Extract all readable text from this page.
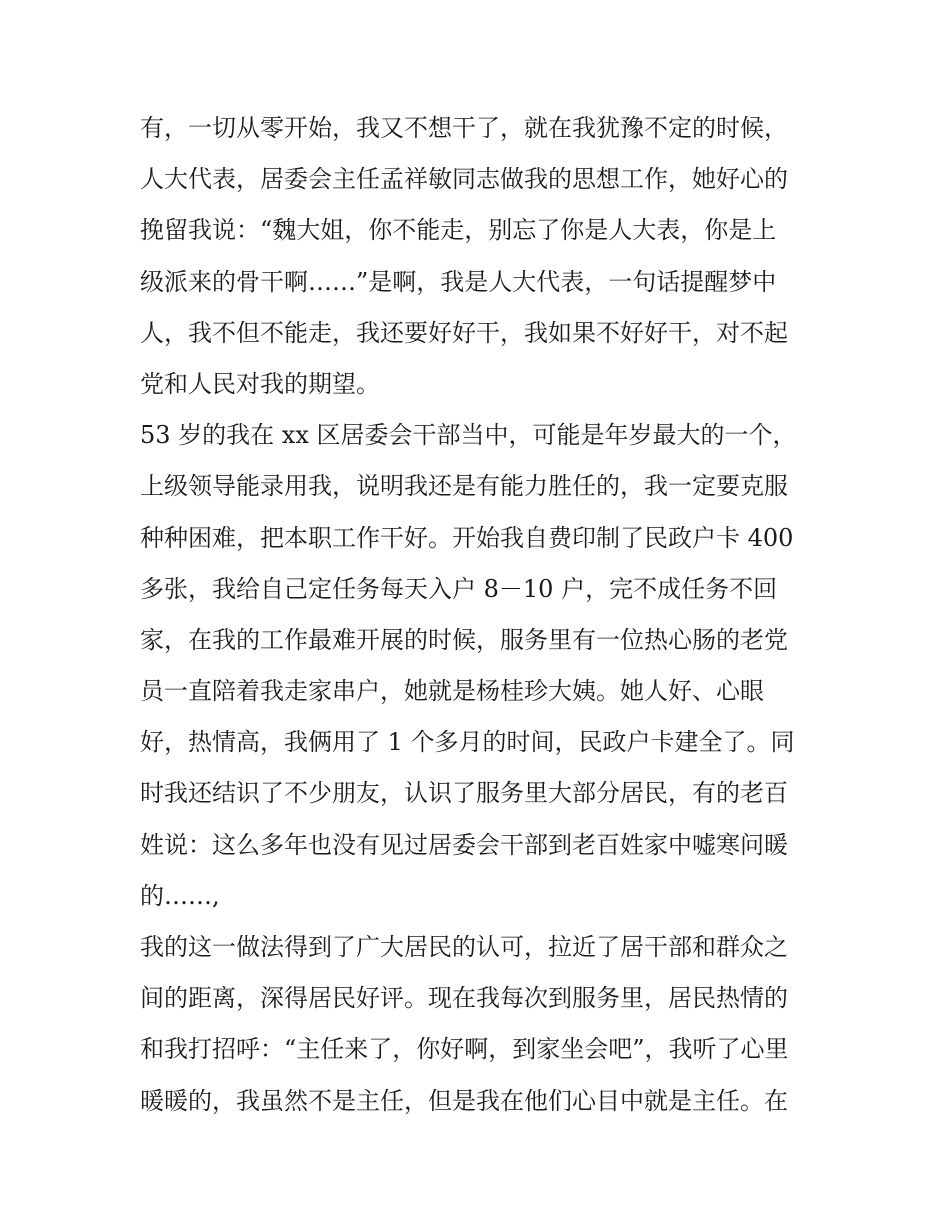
有，一切从零开始，我又不想干了，就在我犹豫不定的时候，
人大代表，居委会主任孟祥敏同志做我的思想工作，她好心的
挽留我说：“魏大姐，你不能走，别忘了你是人大表，你是上
级派来的骨干啊……”是啊，我是人大代表，一句话提醒梦中
人，我不但不能走，我还要好好干，我如果不好好干，对不起
党和人民对我的期望。
53 岁的我在 xx 区居委会干部当中，可能是年岁最大的一个，
上级领导能录用我，说明我还是有能力胜任的，我一定要克服
种种困难，把本职工作干好。开始我自费印制了民政户卡 400
多张，我给自己定任务每天入户 8－10 户，完不成任务不回
家，在我的工作最难开展的时候，服务里有一位热心肠的老党
员一直陪着我走家串户，她就是杨桂珍大姨。她人好、心眼
好，热情高，我俩用了 1 个多月的时间，民政户卡建全了。同
时我还结识了不少朋友，认识了服务里大部分居民，有的老百
姓说：这么多年也没有见过居委会干部到老百姓家中嘘寒问暖
的……,
我的这一做法得到了广大居民的认可，拉近了居干部和群众之
间的距离，深得居民好评。现在我每次到服务里，居民热情的
和我打招呼：“主任来了，你好啊，到家坐会吧”，我听了心里
暖暖的，我虽然不是主任，但是我在他们心目中就是主任。在
